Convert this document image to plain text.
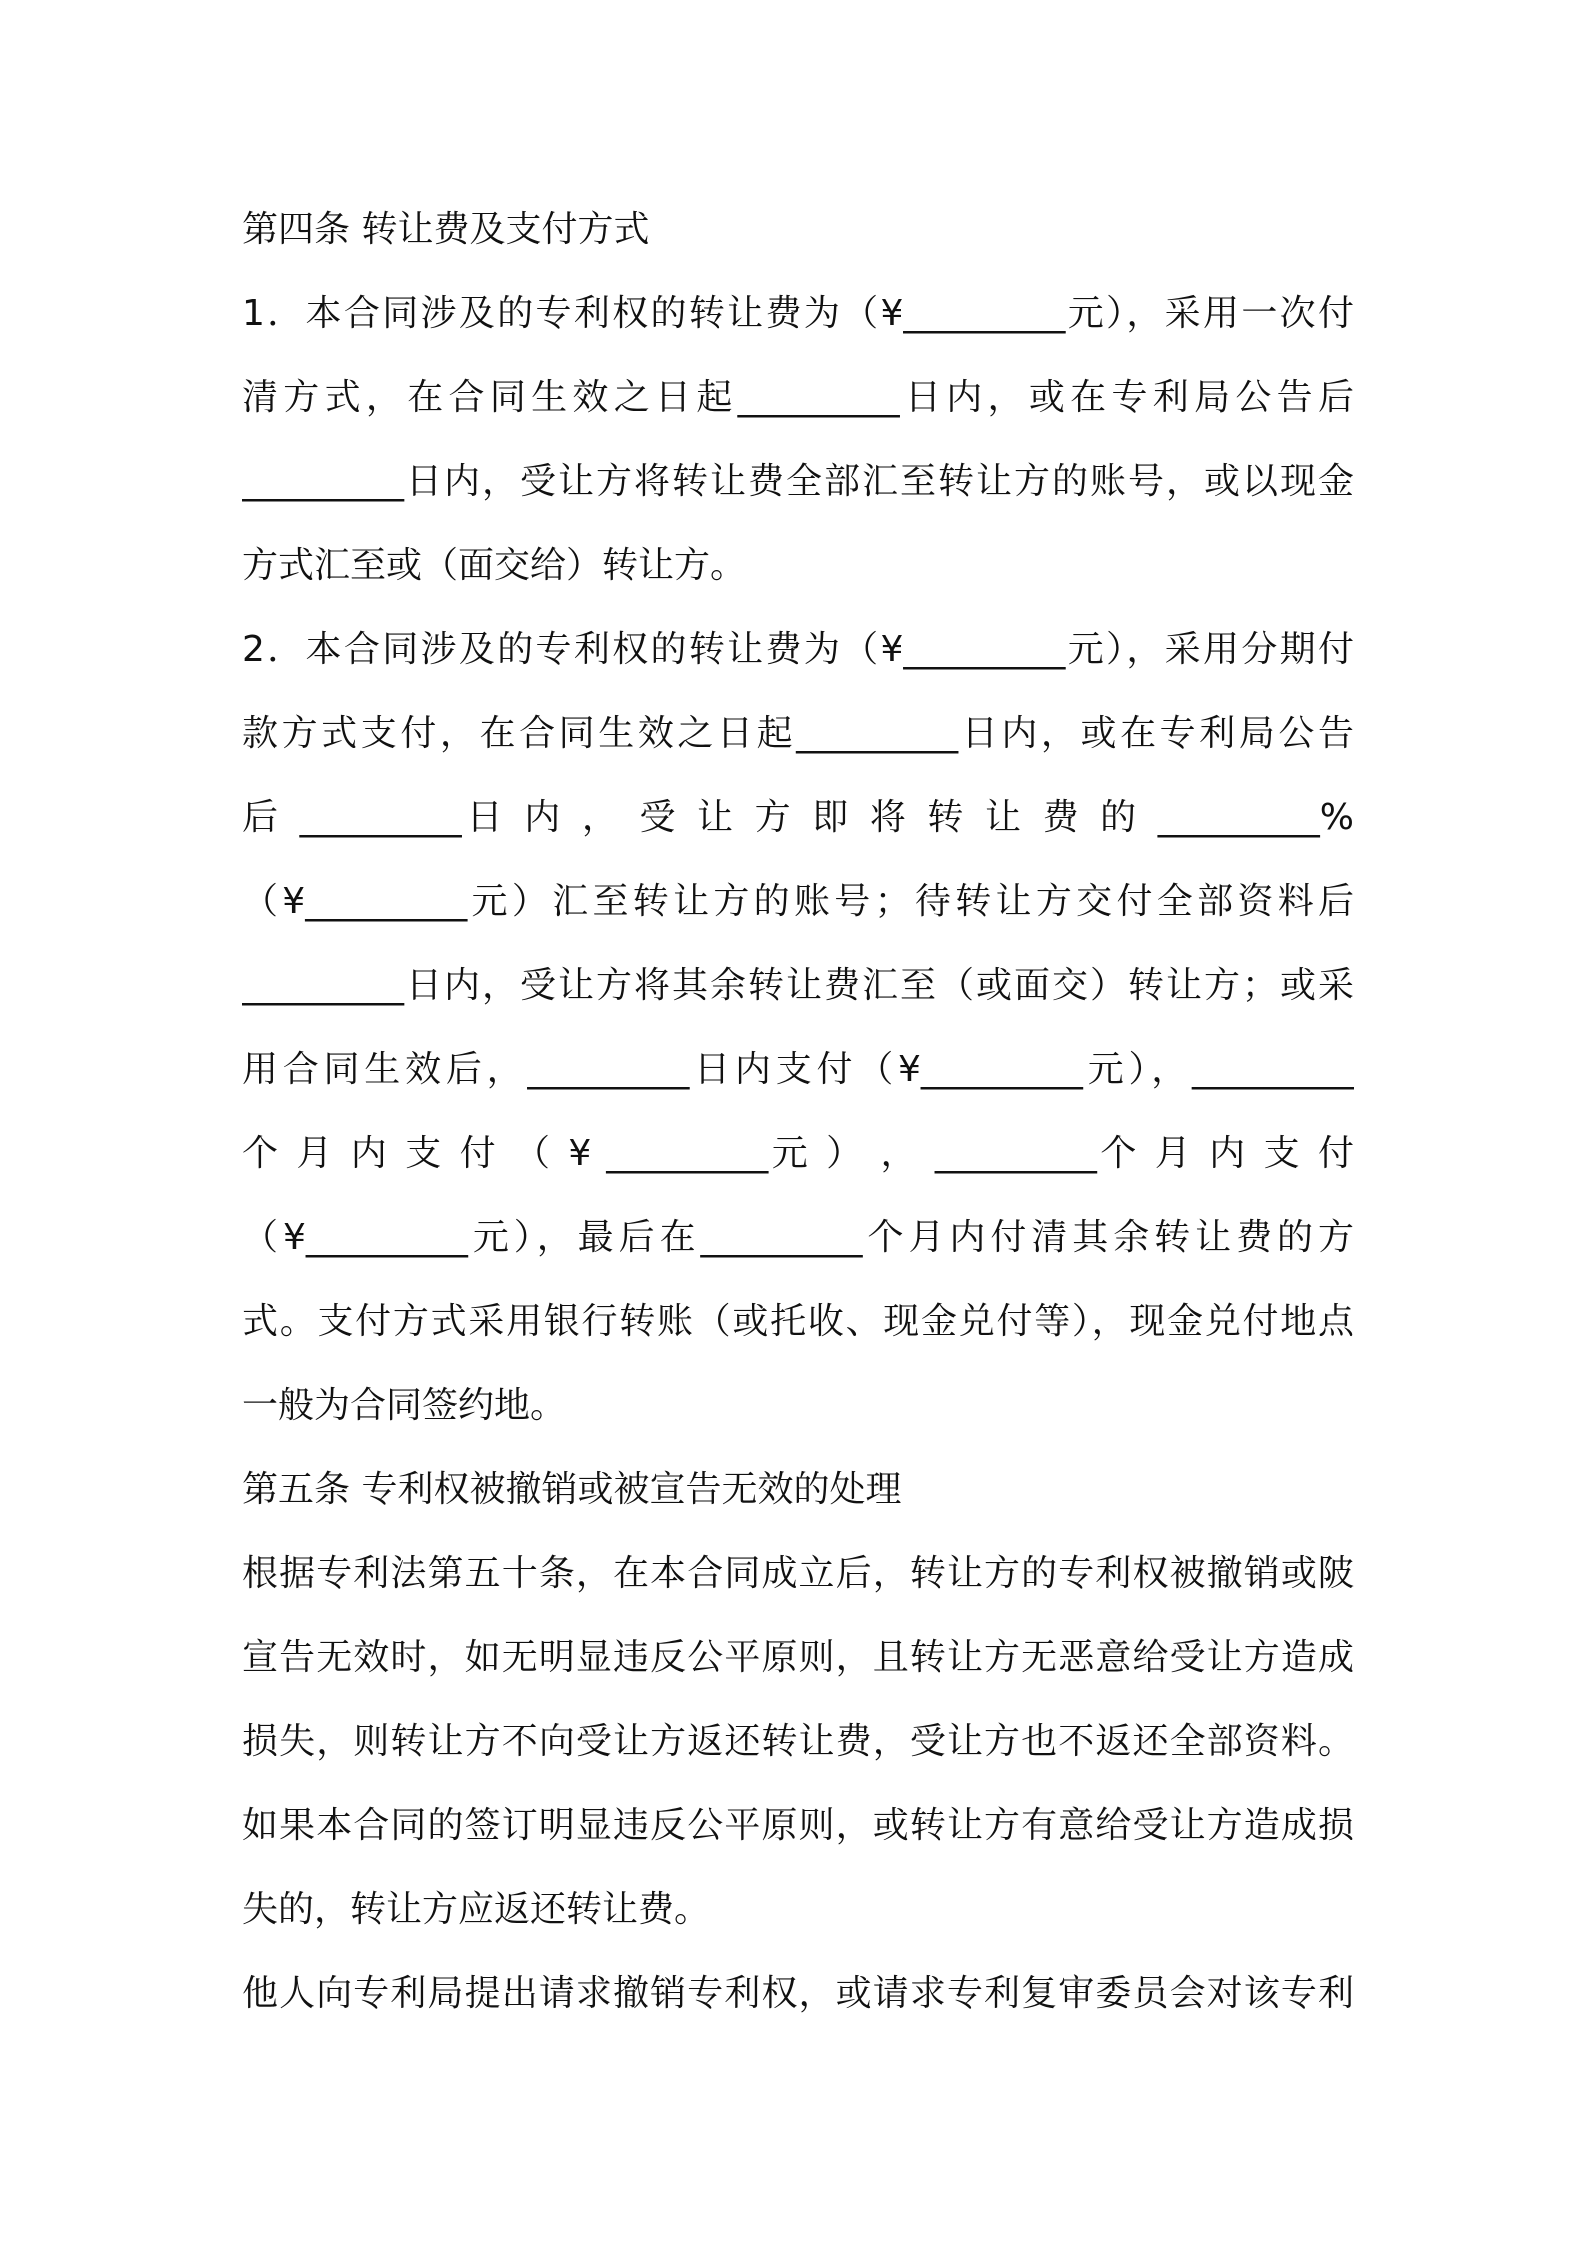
第四条 转让费及支付方式
1．本合同涉及的专利权的转让费为（¥_________元），采用一次付
清方式，在合同生效之日起_________日内，或在专利局公告后
_________日内，受让方将转让费全部汇至转让方的账号，或以现金
方式汇至或（面交给）转让方。
2．本合同涉及的专利权的转让费为（¥_________元），采用分期付
款方式支付，在合同生效之日起_________日内，或在专利局公告
后 _________日 内 ， 受 让 方 即 将 转 让 费 的 _________%
（¥_________元）汇至转让方的账号；待转让方交付全部资料后
_________日内，受让方将其余转让费汇至（或面交）转让方；或采
用合同生效后，_________日内支付（¥_________元），_________
个 月 内 支 付 （ ¥ _________元 ） ， _________个 月 内 支 付
（¥_________元），最后在_________个月内付清其余转让费的方
式。支付方式采用银行转账（或托收、现金兑付等），现金兑付地点
一般为合同签约地。
第五条 专利权被撤销或被宣告无效的处理
根据专利法第五十条，在本合同成立后，转让方的专利权被撤销或陂
宣告无效时，如无明显违反公平原则，且转让方无恶意给受让方造成
损失，则转让方不向受让方返还转让费，受让方也不返还全部资料。
如果本合同的签订明显违反公平原则，或转让方有意给受让方造成损
失的，转让方应返还转让费。
他人向专利局提出请求撤销专利权，或请求专利复审委员会对该专利
